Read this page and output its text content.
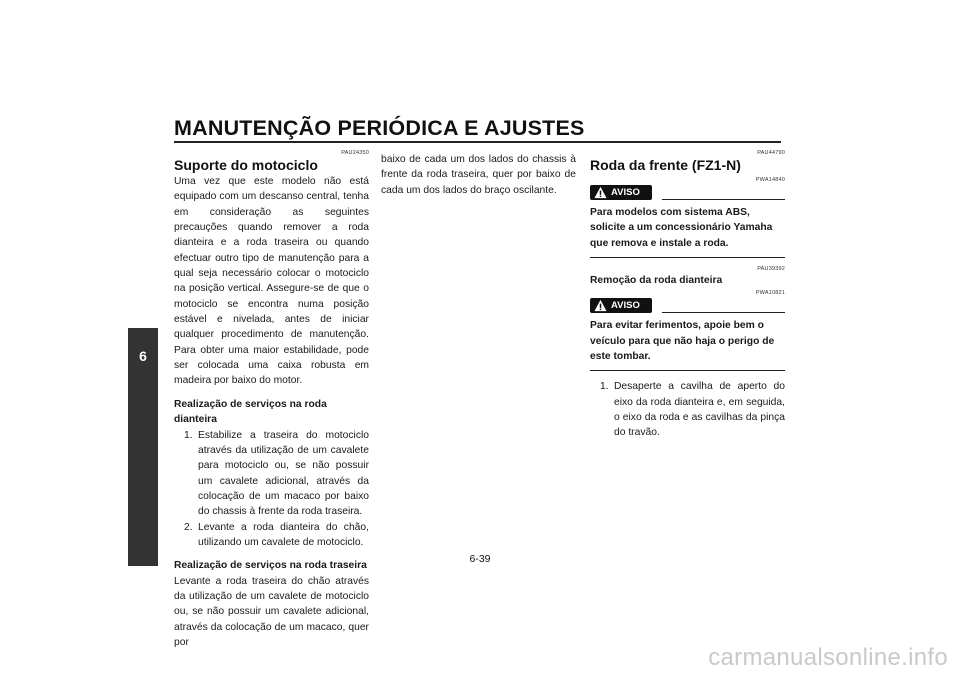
MANUTENÇÃO PERIÓDICA E AJUSTES
6
PAU24350
Suporte do motociclo

Uma vez que este modelo não está equipado com um descanso central, tenha em consideração as seguintes precauções quando remover a roda dianteira e a roda traseira ou quando efectuar outro tipo de manutenção para a qual seja necessário colocar o motociclo na posição vertical. Assegure-se de que o motociclo se encontra numa posição estável e nivelada, antes de iniciar qualquer procedimento de manutenção. Para obter uma maior estabilidade, pode ser colocada uma caixa robusta em madeira por baixo do motor.

Realização de serviços na roda dianteira

1. Estabilize a traseira do motociclo através da utilização de um cavalete para motociclo ou, se não possuir um cavalete adicional, através da colocação de um macaco por baixo do chassis à frente da roda traseira.
2. Levante a roda dianteira do chão, utilizando um cavalete de motociclo.

Realização de serviços na roda traseira

Levante a roda traseira do chão através da utilização de um cavalete de motociclo ou, se não possuir um cavalete adicional, através da colocação de um macaco, quer por

baixo de cada um dos lados do chassis à frente da roda traseira, quer por baixo de cada um dos lados do braço oscilante.

PAU44790
Roda da frente (FZ1-N)
PWA14840
AVISO

Para modelos com sistema ABS, solicite a um concessionário Yamaha que remova e instale a roda.

PAU39392

Remoção da roda dianteira

PWA10821
AVISO

Para evitar ferimentos, apoie bem o veículo para que não haja o perigo de este tombar.

1. Desaperte a cavilha de aperto do eixo da roda dianteira e, em seguida, o eixo da roda e as cavilhas da pinça do travão.
6-39
carmanualsonline.info
